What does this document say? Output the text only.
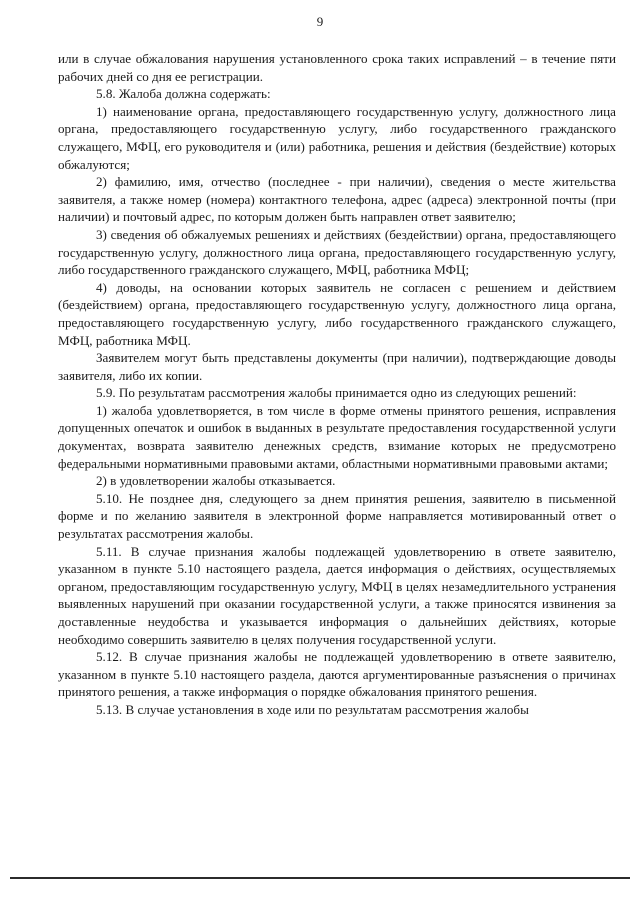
9

или в случае обжалования нарушения установленного срока таких исправлений – в течение пяти рабочих дней со дня ее регистрации.

5.8. Жалоба должна содержать:

1) наименование органа, предоставляющего государственную услугу, должностного лица органа, предоставляющего государственную услугу, либо государственного гражданского служащего, МФЦ, его руководителя и (или) работника, решения и действия (бездействие) которых обжалуются;

2) фамилию, имя, отчество (последнее - при наличии), сведения о месте жительства заявителя, а также номер (номера) контактного телефона, адрес (адреса) электронной почты (при наличии) и почтовый адрес, по которым должен быть направлен ответ заявителю;

3) сведения об обжалуемых решениях и действиях (бездействии) органа, предоставляющего государственную услугу, должностного лица органа, предоставляющего государственную услугу, либо государственного гражданского служащего, МФЦ, работника МФЦ;

4) доводы, на основании которых заявитель не согласен с решением и действием (бездействием) органа, предоставляющего государственную услугу, должностного лица органа, предоставляющего государственную услугу, либо государственного гражданского служащего, МФЦ, работника МФЦ.

Заявителем могут быть представлены документы (при наличии), подтверждающие доводы заявителя, либо их копии.

5.9. По результатам рассмотрения жалобы принимается одно из следующих решений:

1) жалоба удовлетворяется, в том числе в форме отмены принятого решения, исправления допущенных опечаток и ошибок в выданных в результате предоставления государственной услуги документах, возврата заявителю денежных средств, взимание которых не предусмотрено федеральными нормативными правовыми актами, областными нормативными правовыми актами;

2) в удовлетворении жалобы отказывается.

5.10. Не позднее дня, следующего за днем принятия решения, заявителю в письменной форме и по желанию заявителя в электронной форме направляется мотивированный ответ о результатах рассмотрения жалобы.

5.11. В случае признания жалобы подлежащей удовлетворению в ответе заявителю, указанном в пункте 5.10 настоящего раздела, дается информация о действиях, осуществляемых органом, предоставляющим государственную услугу, МФЦ в целях незамедлительного устранения выявленных нарушений при оказании государственной услуги, а также приносятся извинения за доставленные неудобства и указывается информация о дальнейших действиях, которые необходимо совершить заявителю в целях получения государственной услуги.

5.12. В случае признания жалобы не подлежащей удовлетворению в ответе заявителю, указанном в пункте 5.10 настоящего раздела, даются аргументированные разъяснения о причинах принятого решения, а также информация о порядке обжалования принятого решения.

5.13. В случае установления в ходе или по результатам рассмотрения жалобы
